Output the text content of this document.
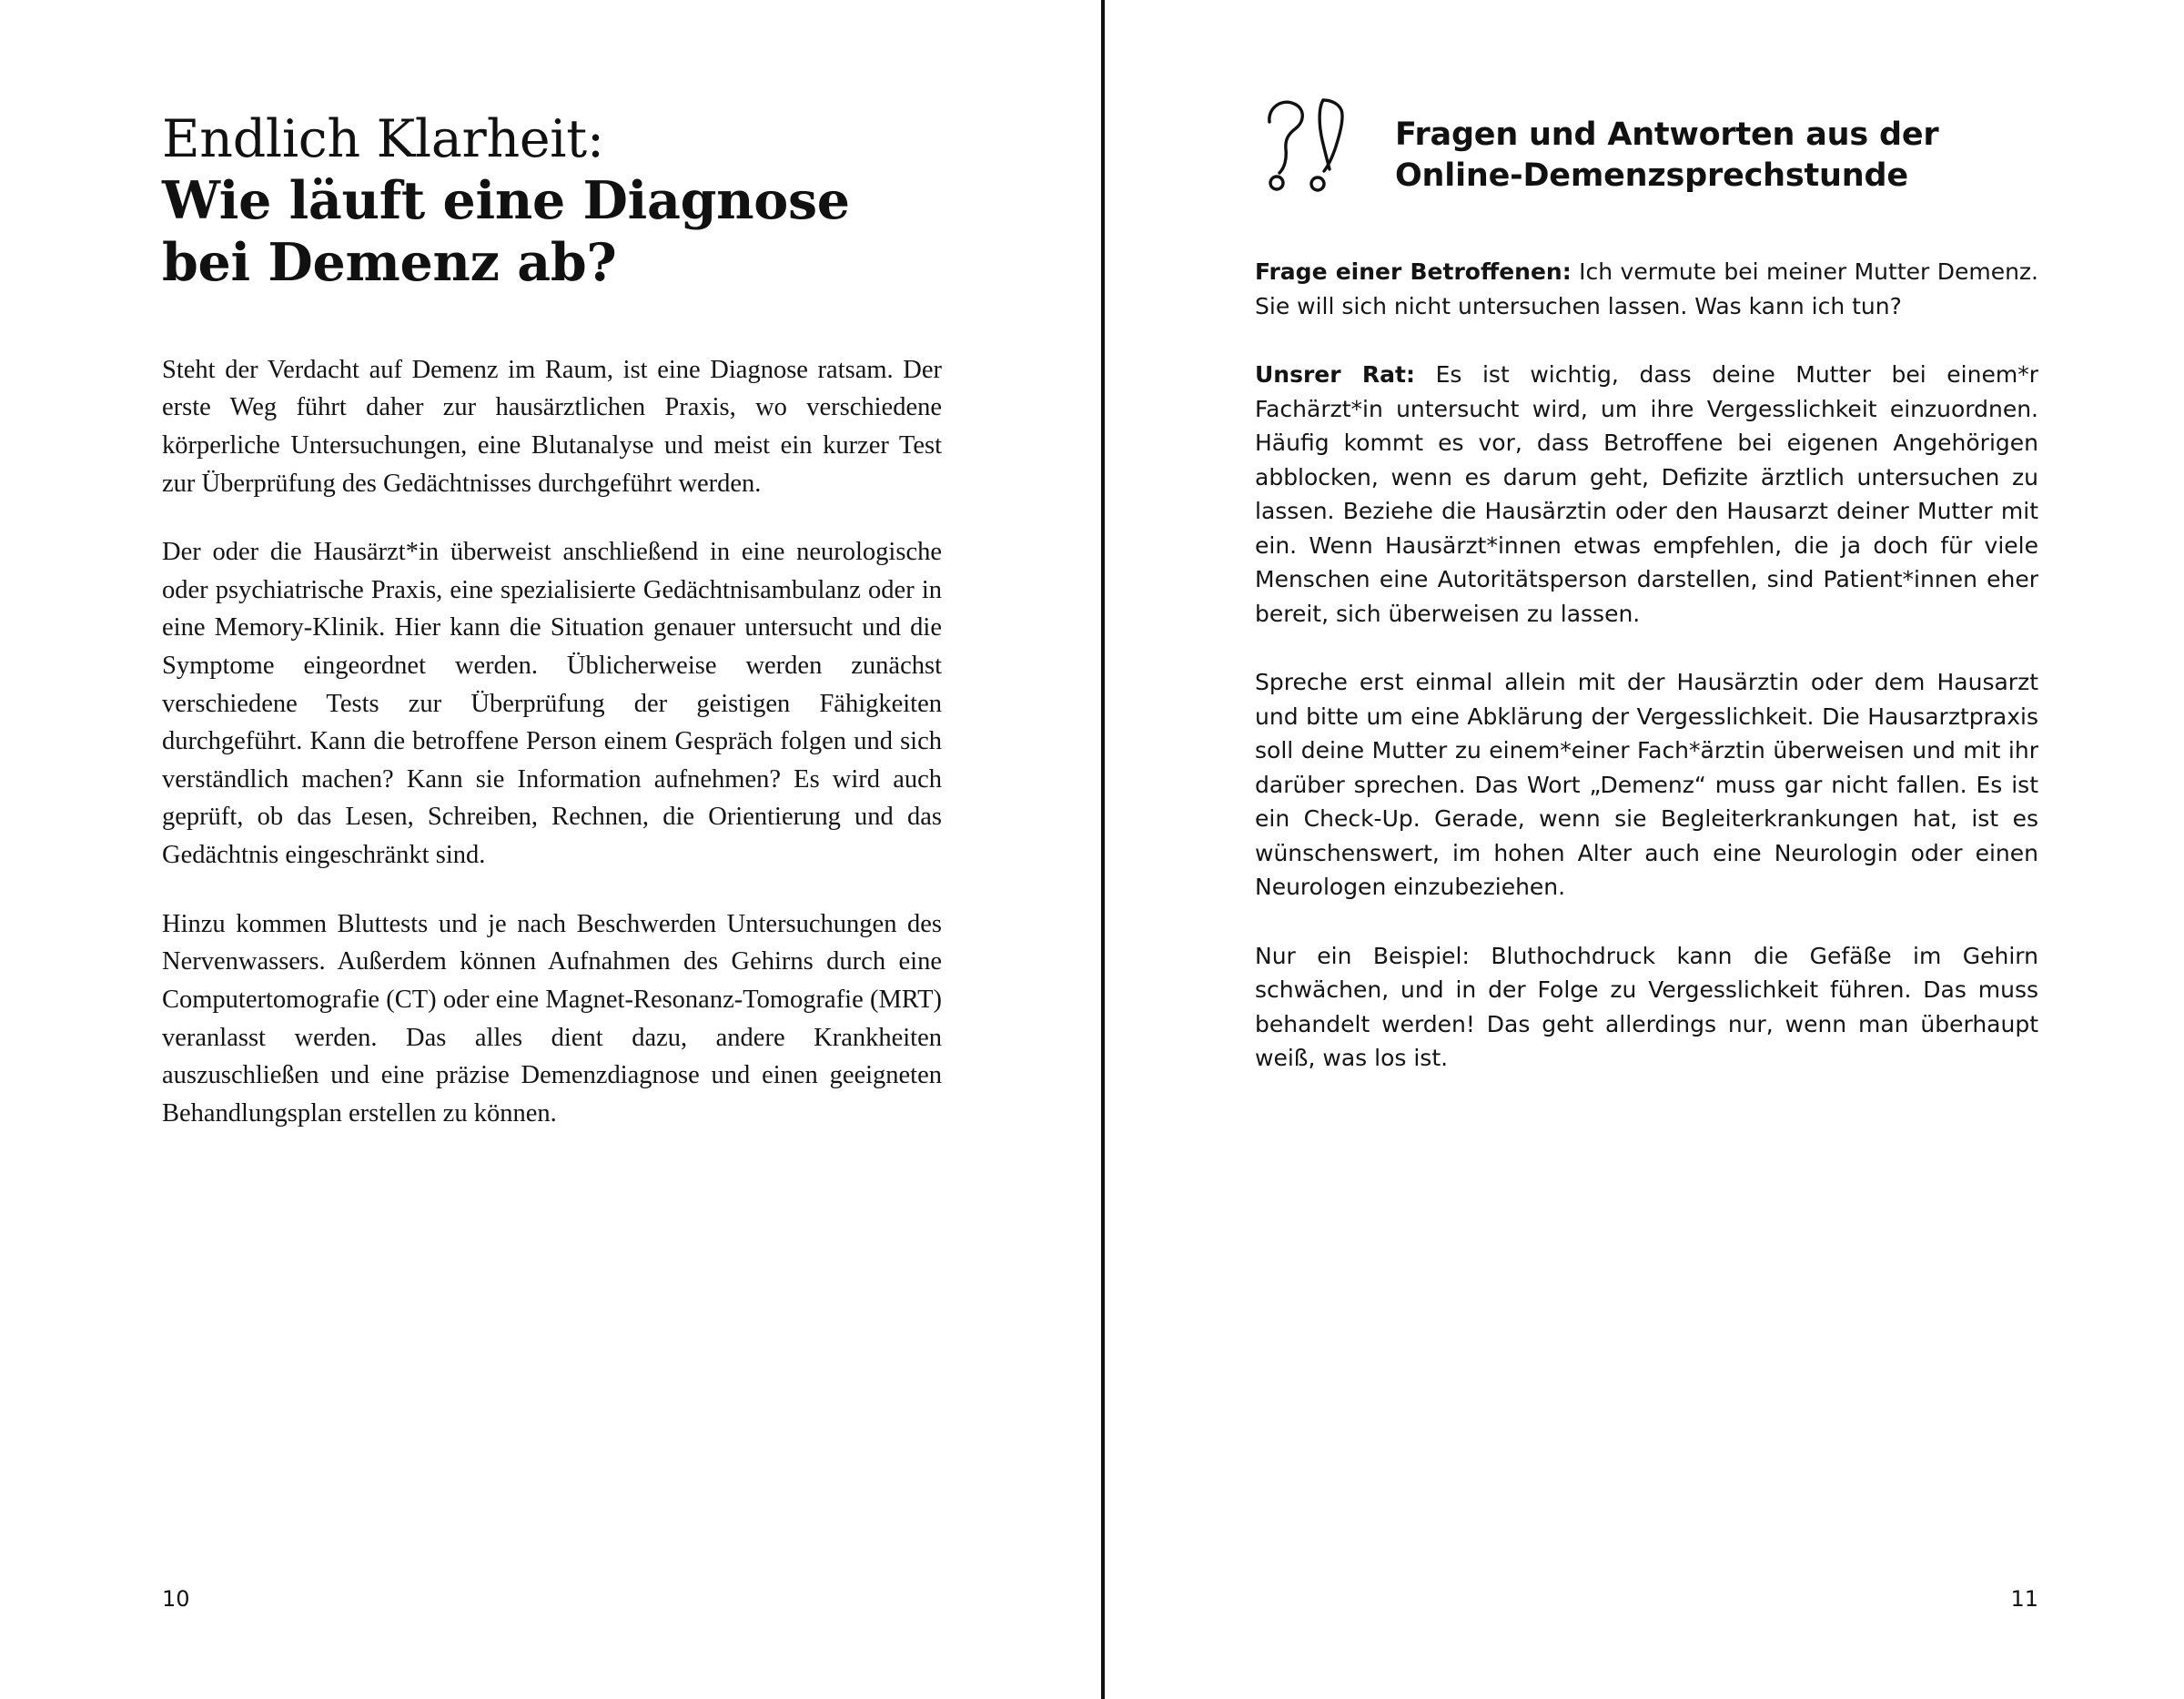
Endlich Klarheit:
Wie läuft eine Diagnose
bei Demenz ab?

Steht der Verdacht auf Demenz im Raum, ist eine Diagnose ratsam. Der erste Weg führt daher zur hausärztlichen Praxis, wo verschiedene körperliche Untersuchungen, eine Blutanalyse und meist ein kurzer Test zur Überprüfung des Gedächtnisses durchgeführt werden.

Der oder die Hausärzt*in überweist anschließend in eine neurologische oder psychiatrische Praxis, eine spezialisierte Gedächtnisambulanz oder in eine Memory-Klinik. Hier kann die Situation genauer untersucht und die Symptome eingeordnet werden. Üblicherweise werden zunächst verschiedene Tests zur Überprüfung der geistigen Fähigkeiten durchgeführt. Kann die betroffene Person einem Gespräch folgen und sich verständlich machen? Kann sie Information aufnehmen? Es wird auch geprüft, ob das Lesen, Schreiben, Rechnen, die Orientierung und das Gedächtnis eingeschränkt sind.

Hinzu kommen Bluttests und je nach Beschwerden Untersuchungen des Nervenwassers. Außerdem können Aufnahmen des Gehirns durch eine Computertomografie (CT) oder eine Magnet-Resonanz-Tomografie (MRT) veranlasst werden. Das alles dient dazu, andere Krankheiten auszuschließen und eine präzise Demenzdiagnose und einen geeigneten Behandlungsplan erstellen zu können.

10
Fragen und Antworten aus der Online-Demenzsprechstunde

Frage einer Betroffenen: Ich vermute bei meiner Mutter Demenz. Sie will sich nicht untersuchen lassen. Was kann ich tun?

Unsrer Rat: Es ist wichtig, dass deine Mutter bei einem*r Fachärzt*in untersucht wird, um ihre Vergesslichkeit einzuordnen. Häufig kommt es vor, dass Betroffene bei eigenen Angehörigen abblocken, wenn es darum geht, Defizite ärztlich untersuchen zu lassen. Beziehe die Hausärztin oder den Hausarzt deiner Mutter mit ein. Wenn Hausärzt*innen etwas empfehlen, die ja doch für viele Menschen eine Autoritätsperson darstellen, sind Patient*innen eher bereit, sich überweisen zu lassen.

Spreche erst einmal allein mit der Hausärztin oder dem Hausarzt und bitte um eine Abklärung der Vergesslichkeit. Die Hausarztpraxis soll deine Mutter zu einem*einer Fach*ärztin überweisen und mit ihr darüber sprechen. Das Wort „Demenz“ muss gar nicht fallen. Es ist ein Check-Up. Gerade, wenn sie Begleiterkrankungen hat, ist es wünschenswert, im hohen Alter auch eine Neurologin oder einen Neurologen einzubeziehen.

Nur ein Beispiel: Bluthochdruck kann die Gefäße im Gehirn schwächen, und in der Folge zu Vergesslichkeit führen. Das muss behandelt werden! Das geht allerdings nur, wenn man überhaupt weiß, was los ist.

11
